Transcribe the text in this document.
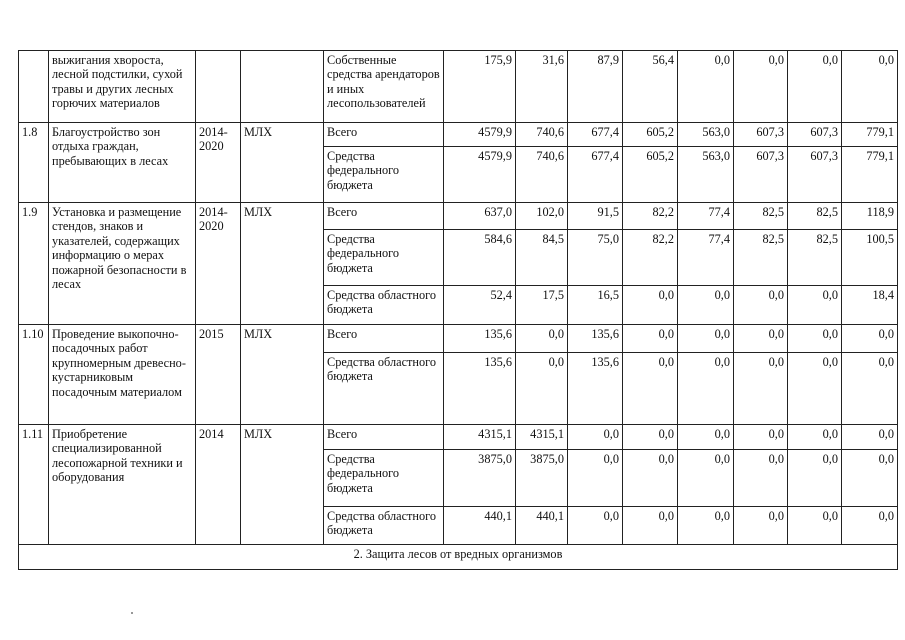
	выжигания хвороста, лесной подстилки, сухой травы и других лесных горючих материалов			Собственные средства арендаторов и иных лесопользователей	175,9	31,6	87,9	56,4	0,0	0,0	0,0	0,0
1.8	Благоустройство зон отдыха граждан, пребывающих в лесах	2014-2020	МЛХ	Всего	4579,9	740,6	677,4	605,2	563,0	607,3	607,3	779,1
				Средства федерального бюджета	4579,9	740,6	677,4	605,2	563,0	607,3	607,3	779,1
1.9	Установка и размещение стендов, знаков и указателей, содержащих информацию о мерах пожарной безопасности в лесах	2014-2020	МЛХ	Всего	637,0	102,0	91,5	82,2	77,4	82,5	82,5	118,9
				Средства федерального бюджета	584,6	84,5	75,0	82,2	77,4	82,5	82,5	100,5
				Средства областного бюджета	52,4	17,5	16,5	0,0	0,0	0,0	0,0	18,4
1.10	Проведение выкопочно-посадочных работ крупномерным древесно-кустарниковым посадочным материалом	2015	МЛХ	Всего	135,6	0,0	135,6	0,0	0,0	0,0	0,0	0,0
				Средства областного бюджета	135,6	0,0	135,6	0,0	0,0	0,0	0,0	0,0
1.11	Приобретение специализированной лесопожарной техники и оборудования	2014	МЛХ	Всего	4315,1	4315,1	0,0	0,0	0,0	0,0	0,0	0,0
				Средства федерального бюджета	3875,0	3875,0	0,0	0,0	0,0	0,0	0,0	0,0
				Средства областного бюджета	440,1	440,1	0,0	0,0	0,0	0,0	0,0	0,0
2. Защита лесов от вредных организмов												
